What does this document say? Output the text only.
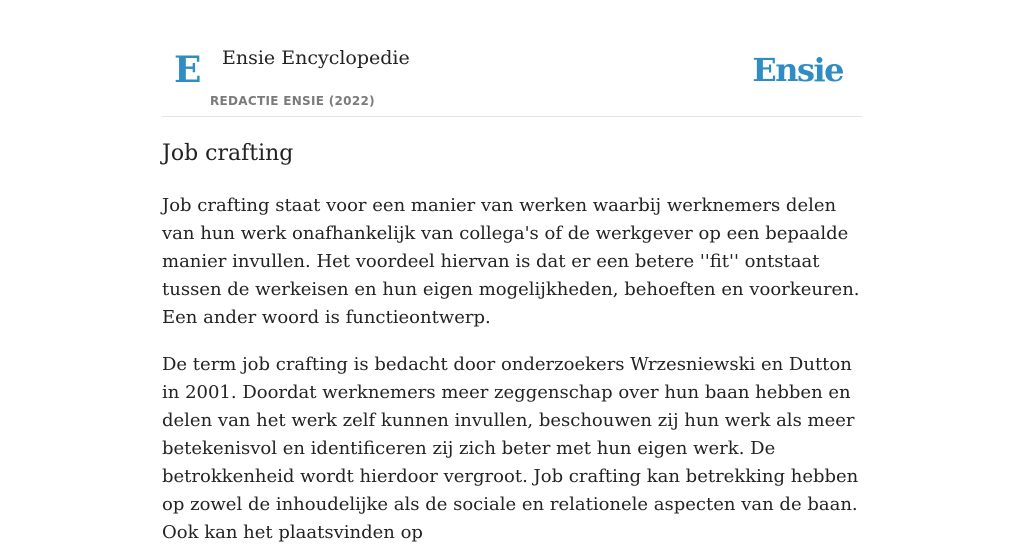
E Ensie Encyclopedie
REDACTIE ENSIE (2022)
Ensie
Job crafting

Job crafting staat voor een manier van werken waarbij werknemers delen van hun werk onafhankelijk van collega's of de werkgever op een bepaalde manier invullen. Het voordeel hiervan is dat er een betere ''fit'' ontstaat tussen de werkeisen en hun eigen mogelijkheden, behoeften en voorkeuren. Een ander woord is functieontwerp.

De term job crafting is bedacht door onderzoekers Wrzesniewski en Dutton in 2001. Doordat werknemers meer zeggenschap over hun baan hebben en delen van het werk zelf kunnen invullen, beschouwen zij hun werk als meer betekenisvol en identificeren zij zich beter met hun eigen werk. De betrokkenheid wordt hierdoor vergroot. Job crafting kan betrekking hebben op zowel de inhoudelijke als de sociale en relationele aspecten van de baan. Ook kan het plaatsvinden op
